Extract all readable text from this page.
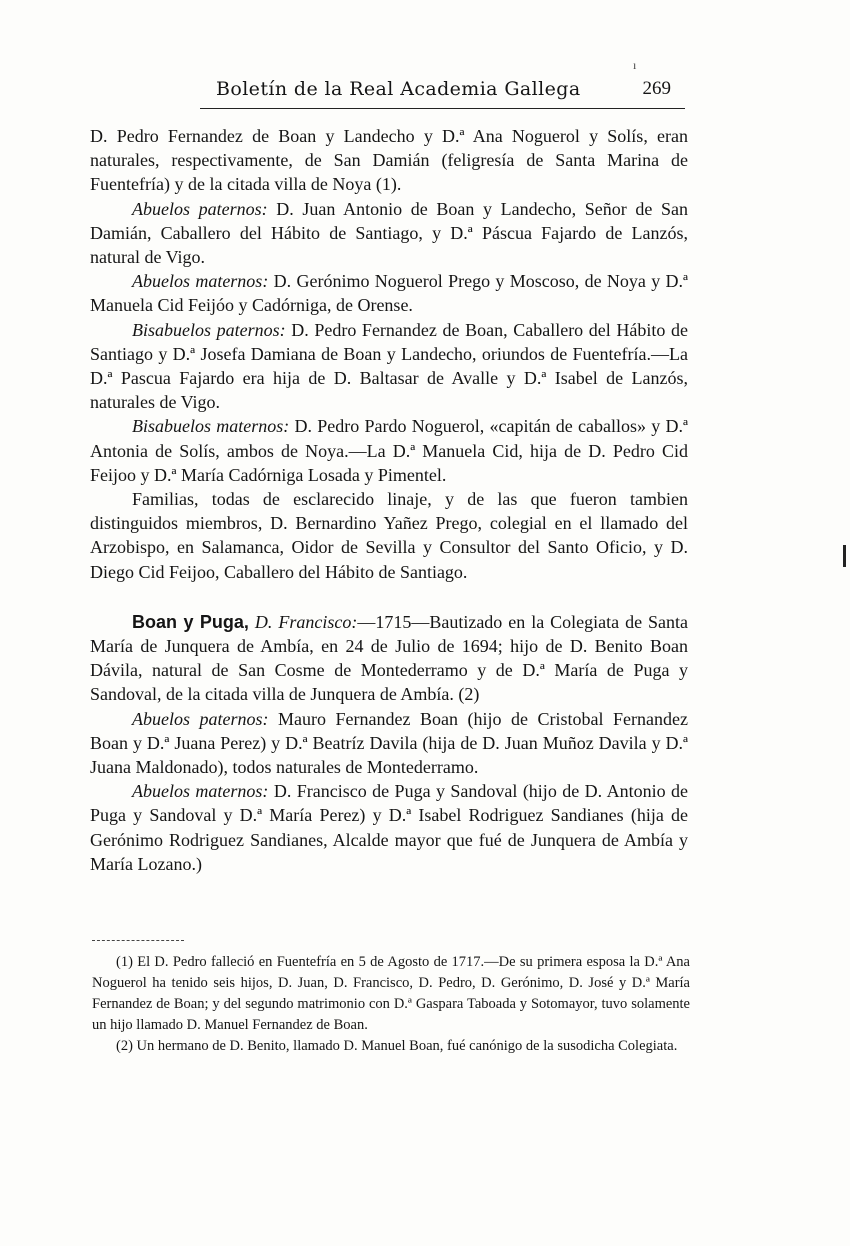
ı
Boletín de la Real Academia Gallega	269

D. Pedro Fernandez de Boan y Landecho y D.ª Ana Noguerol y Solís, eran naturales, respectivamente, de San Damián (feligresía de Santa Marina de Fuentefría) y de la citada villa de Noya (1).

Abuelos paternos: D. Juan Antonio de Boan y Landecho, Señor de San Damián, Caballero del Hábito de Santiago, y D.ª Páscua Fajardo de Lanzós, natural de Vigo.

Abuelos maternos: D. Gerónimo Noguerol Prego y Moscoso, de Noya y D.ª Manuela Cid Feijóo y Cadórniga, de Orense.

Bisabuelos paternos: D. Pedro Fernandez de Boan, Caballero del Hábito de Santiago y D.ª Josefa Damiana de Boan y Landecho, oriundos de Fuentefría.—La D.ª Pascua Fajardo era hija de D. Baltasar de Avalle y D.ª Isabel de Lanzós, naturales de Vigo.

Bisabuelos maternos: D. Pedro Pardo Noguerol, «capitán de caballos» y D.ª Antonia de Solís, ambos de Noya.—La D.ª Manuela Cid, hija de D. Pedro Cid Feijoo y D.ª María Cadórniga Losada y Pimentel.

Familias, todas de esclarecido linaje, y de las que fueron tambien distinguidos miembros, D. Bernardino Yañez Prego, colegial en el llamado del Arzobispo, en Salamanca, Oidor de Sevilla y Consultor del Santo Oficio, y D. Diego Cid Feijoo, Caballero del Hábito de Santiago.

Boan y Puga, D. Francisco:—1715—Bautizado en la Colegiata de Santa María de Junquera de Ambía, en 24 de Julio de 1694; hijo de D. Benito Boan Dávila, natural de San Cosme de Montederramo y de D.ª María de Puga y Sandoval, de la citada villa de Junquera de Ambía. (2)

Abuelos paternos: Mauro Fernandez Boan (hijo de Cristobal Fernandez Boan y D.ª Juana Perez) y D.ª Beatríz Davila (hija de D. Juan Muñoz Davila y D.ª Juana Maldonado), todos naturales de Montederramo.

Abuelos maternos: D. Francisco de Puga y Sandoval (hijo de D. Antonio de Puga y Sandoval y D.ª María Perez) y D.ª Isabel Rodriguez Sandianes (hija de Gerónimo Rodriguez Sandianes, Alcalde mayor que fué de Junquera de Ambía y María Lozano.)

(1) El D. Pedro falleció en Fuentefría en 5 de Agosto de 1717.—De su primera esposa la D.ª Ana Noguerol ha tenido seis hijos, D. Juan, D. Francisco, D. Pedro, D. Gerónimo, D. José y D.ª María Fernandez de Boan; y del segundo matrimonio con D.ª Gaspara Taboada y Sotomayor, tuvo solamente un hijo llamado D. Manuel Fernandez de Boan.

(2) Un hermano de D. Benito, llamado D. Manuel Boan, fué canónigo de la susodicha Colegiata.
